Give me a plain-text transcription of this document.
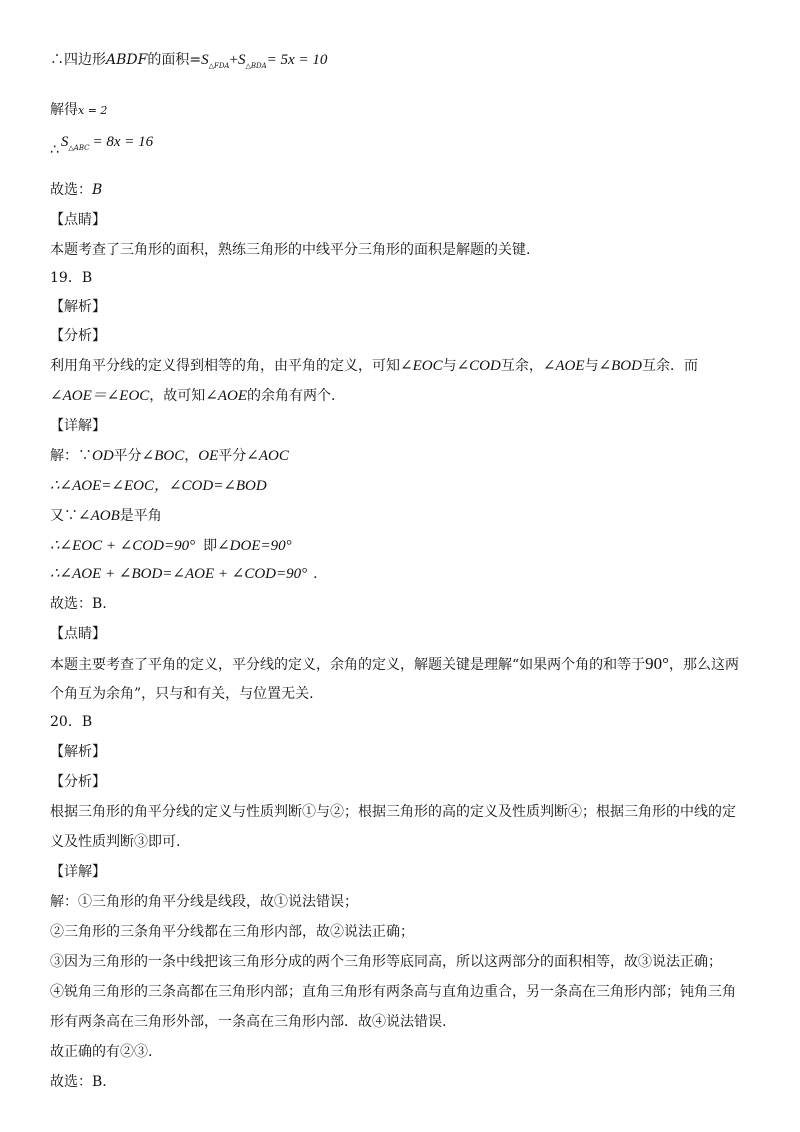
∴四边形ABDF的面积$=S_{\triangle FDA}+S_{\triangle BDA}= 5x = 10$
解得x = 2
∴ $S_{\triangle ABC} = 8x = 16$
故选：B
【点睛】
本题考查了三角形的面积，熟练三角形的中线平分三角形的面积是解题的关键.
19．B
【解析】
【分析】
利用角平分线的定义得到相等的角，由平角的定义，可知∠EOC与∠COD互余，∠AOE与∠BOD互余．而
∠AOE＝∠EOC，故可知∠AOE的余角有两个.
【详解】
解：∵OD平分∠BOC，OE平分∠AOC
∴∠AOE=∠EOC，∠COD=∠BOD
又∵∠AOB是平角
∴∠EOC + ∠COD=90° 即∠DOE=90°
∴∠AOE + ∠BOD=∠AOE + ∠COD=90° .
故选：B.
【点睛】
本题主要考查了平角的定义，平分线的定义，余角的定义，解题关键是理解“如果两个角的和等于90°，那么这两
个角互为余角”，只与和有关，与位置无关.
20．B
【解析】
【分析】
根据三角形的角平分线的定义与性质判断①与②；根据三角形的高的定义及性质判断④；根据三角形的中线的定
义及性质判断③即可.
【详解】
解：①三角形的角平分线是线段，故①说法错误；
②三角形的三条角平分线都在三角形内部，故②说法正确；
③因为三角形的一条中线把该三角形分成的两个三角形等底同高，所以这两部分的面积相等，故③说法正确；
④锐角三角形的三条高都在三角形内部；直角三角形有两条高与直角边重合，另一条高在三角形内部；钝角三角
形有两条高在三角形外部，一条高在三角形内部．故④说法错误.
故正确的有②③.
故选：B.
